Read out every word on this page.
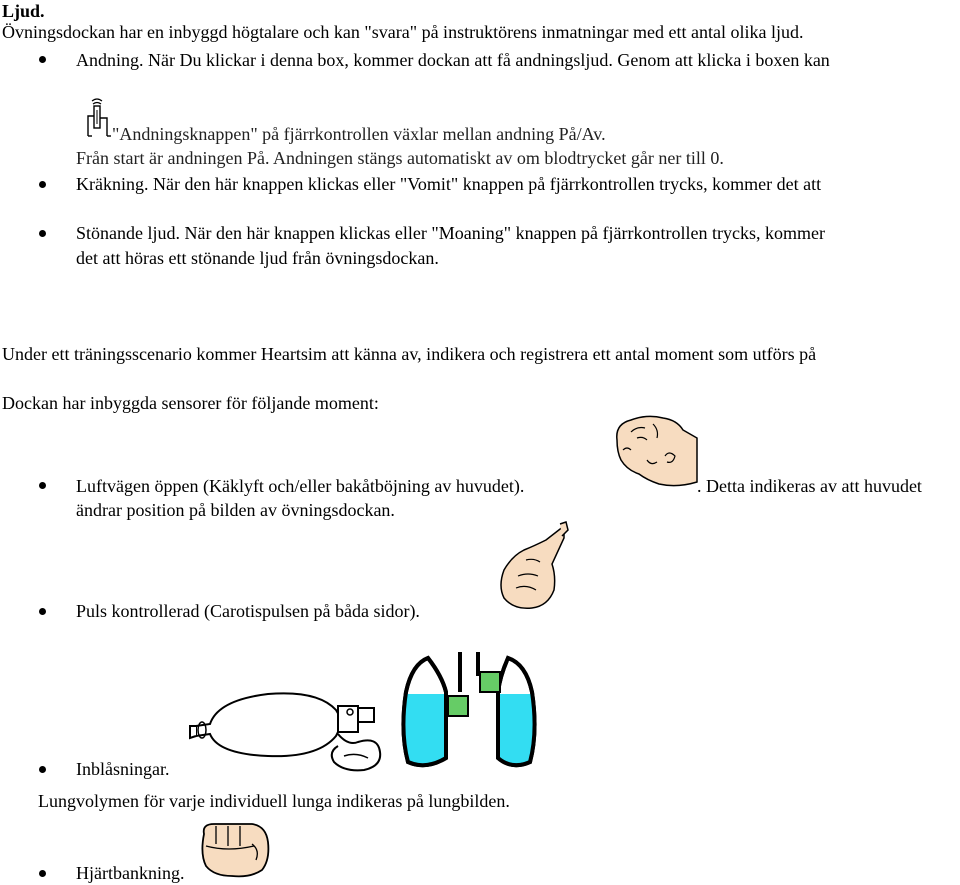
Ljud.
Övningsdockan har en inbyggd högtalare och kan "svara" på instruktörens inmatningar med ett antal olika ljud.
Andning. När Du klickar i denna box, kommer dockan att få andningsljud. Genom att klicka i boxen kan
"Andningsknappen" på fjärrkontrollen växlar mellan andning På/Av.
Från start är andningen På. Andningen stängs automatiskt av om blodtrycket går ner till 0.
Kräkning. När den här knappen klickas eller "Vomit" knappen på fjärrkontrollen trycks, kommer det att
Stönande ljud. När den här knappen klickas eller "Moaning" knappen på fjärrkontrollen trycks, kommer
det att höras ett stönande ljud från övningsdockan.
Under ett träningsscenario kommer Heartsim att känna av, indikera och registrera ett antal moment som utförs på
Dockan har inbyggda sensorer för följande moment:
Luftvägen öppen (Käklyft och/eller bakåtböjning av huvudet).	. Detta indikeras av att huvudet
ändrar position på bilden av övningsdockan.
Puls kontrollerad (Carotispulsen på båda sidor).
Inblåsningar.
Lungvolymen för varje individuell lunga indikeras på lungbilden.
Hjärtbankning.
